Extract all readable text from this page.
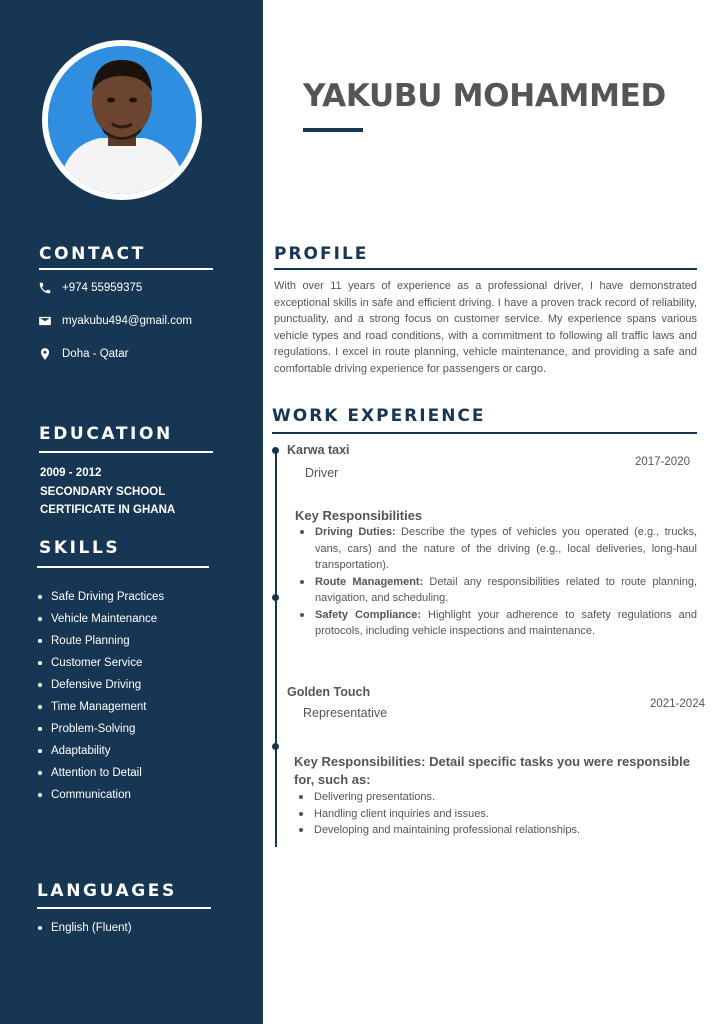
CONTACT
+974 55959375
myakubu494@gmail.com
Doha - Qatar
EDUCATION
2009 - 2012
SECONDARY SCHOOL
CERTIFICATE IN GHANA
SKILLS
Safe Driving Practices
Vehicle Maintenance
Route Planning
Customer Service
Defensive Driving
Time Management
Problem-Solving
Adaptability
Attention to Detail
Communication
LANGUAGES
English (Fluent)
YAKUBU MOHAMMED
PROFILE
With over 11 years of experience as a professional driver, I have demonstrated exceptional skills in safe and efficient driving. I have a proven track record of reliability, punctuality, and a strong focus on customer service. My experience spans various vehicle types and road conditions, with a commitment to following all traffic laws and regulations. I excel in route planning, vehicle maintenance, and providing a safe and comfortable driving experience for passengers or cargo.
WORK EXPERIENCE
Karwa taxi
Driver
2017-2020
Key Responsibilities
Driving Duties: Describe the types of vehicles you operated (e.g., trucks, vans, cars) and the nature of the driving (e.g., local deliveries, long-haul transportation).
Route Management: Detail any responsibilities related to route planning, navigation, and scheduling.
Safety Compliance: Highlight your adherence to safety regulations and protocols, including vehicle inspections and maintenance.
Golden Touch
Representative
2021-2024
Key Responsibilities: Detail specific tasks you were responsible for, such as:
Delivering presentations.
Handling client inquiries and issues.
Developing and maintaining professional relationships.
